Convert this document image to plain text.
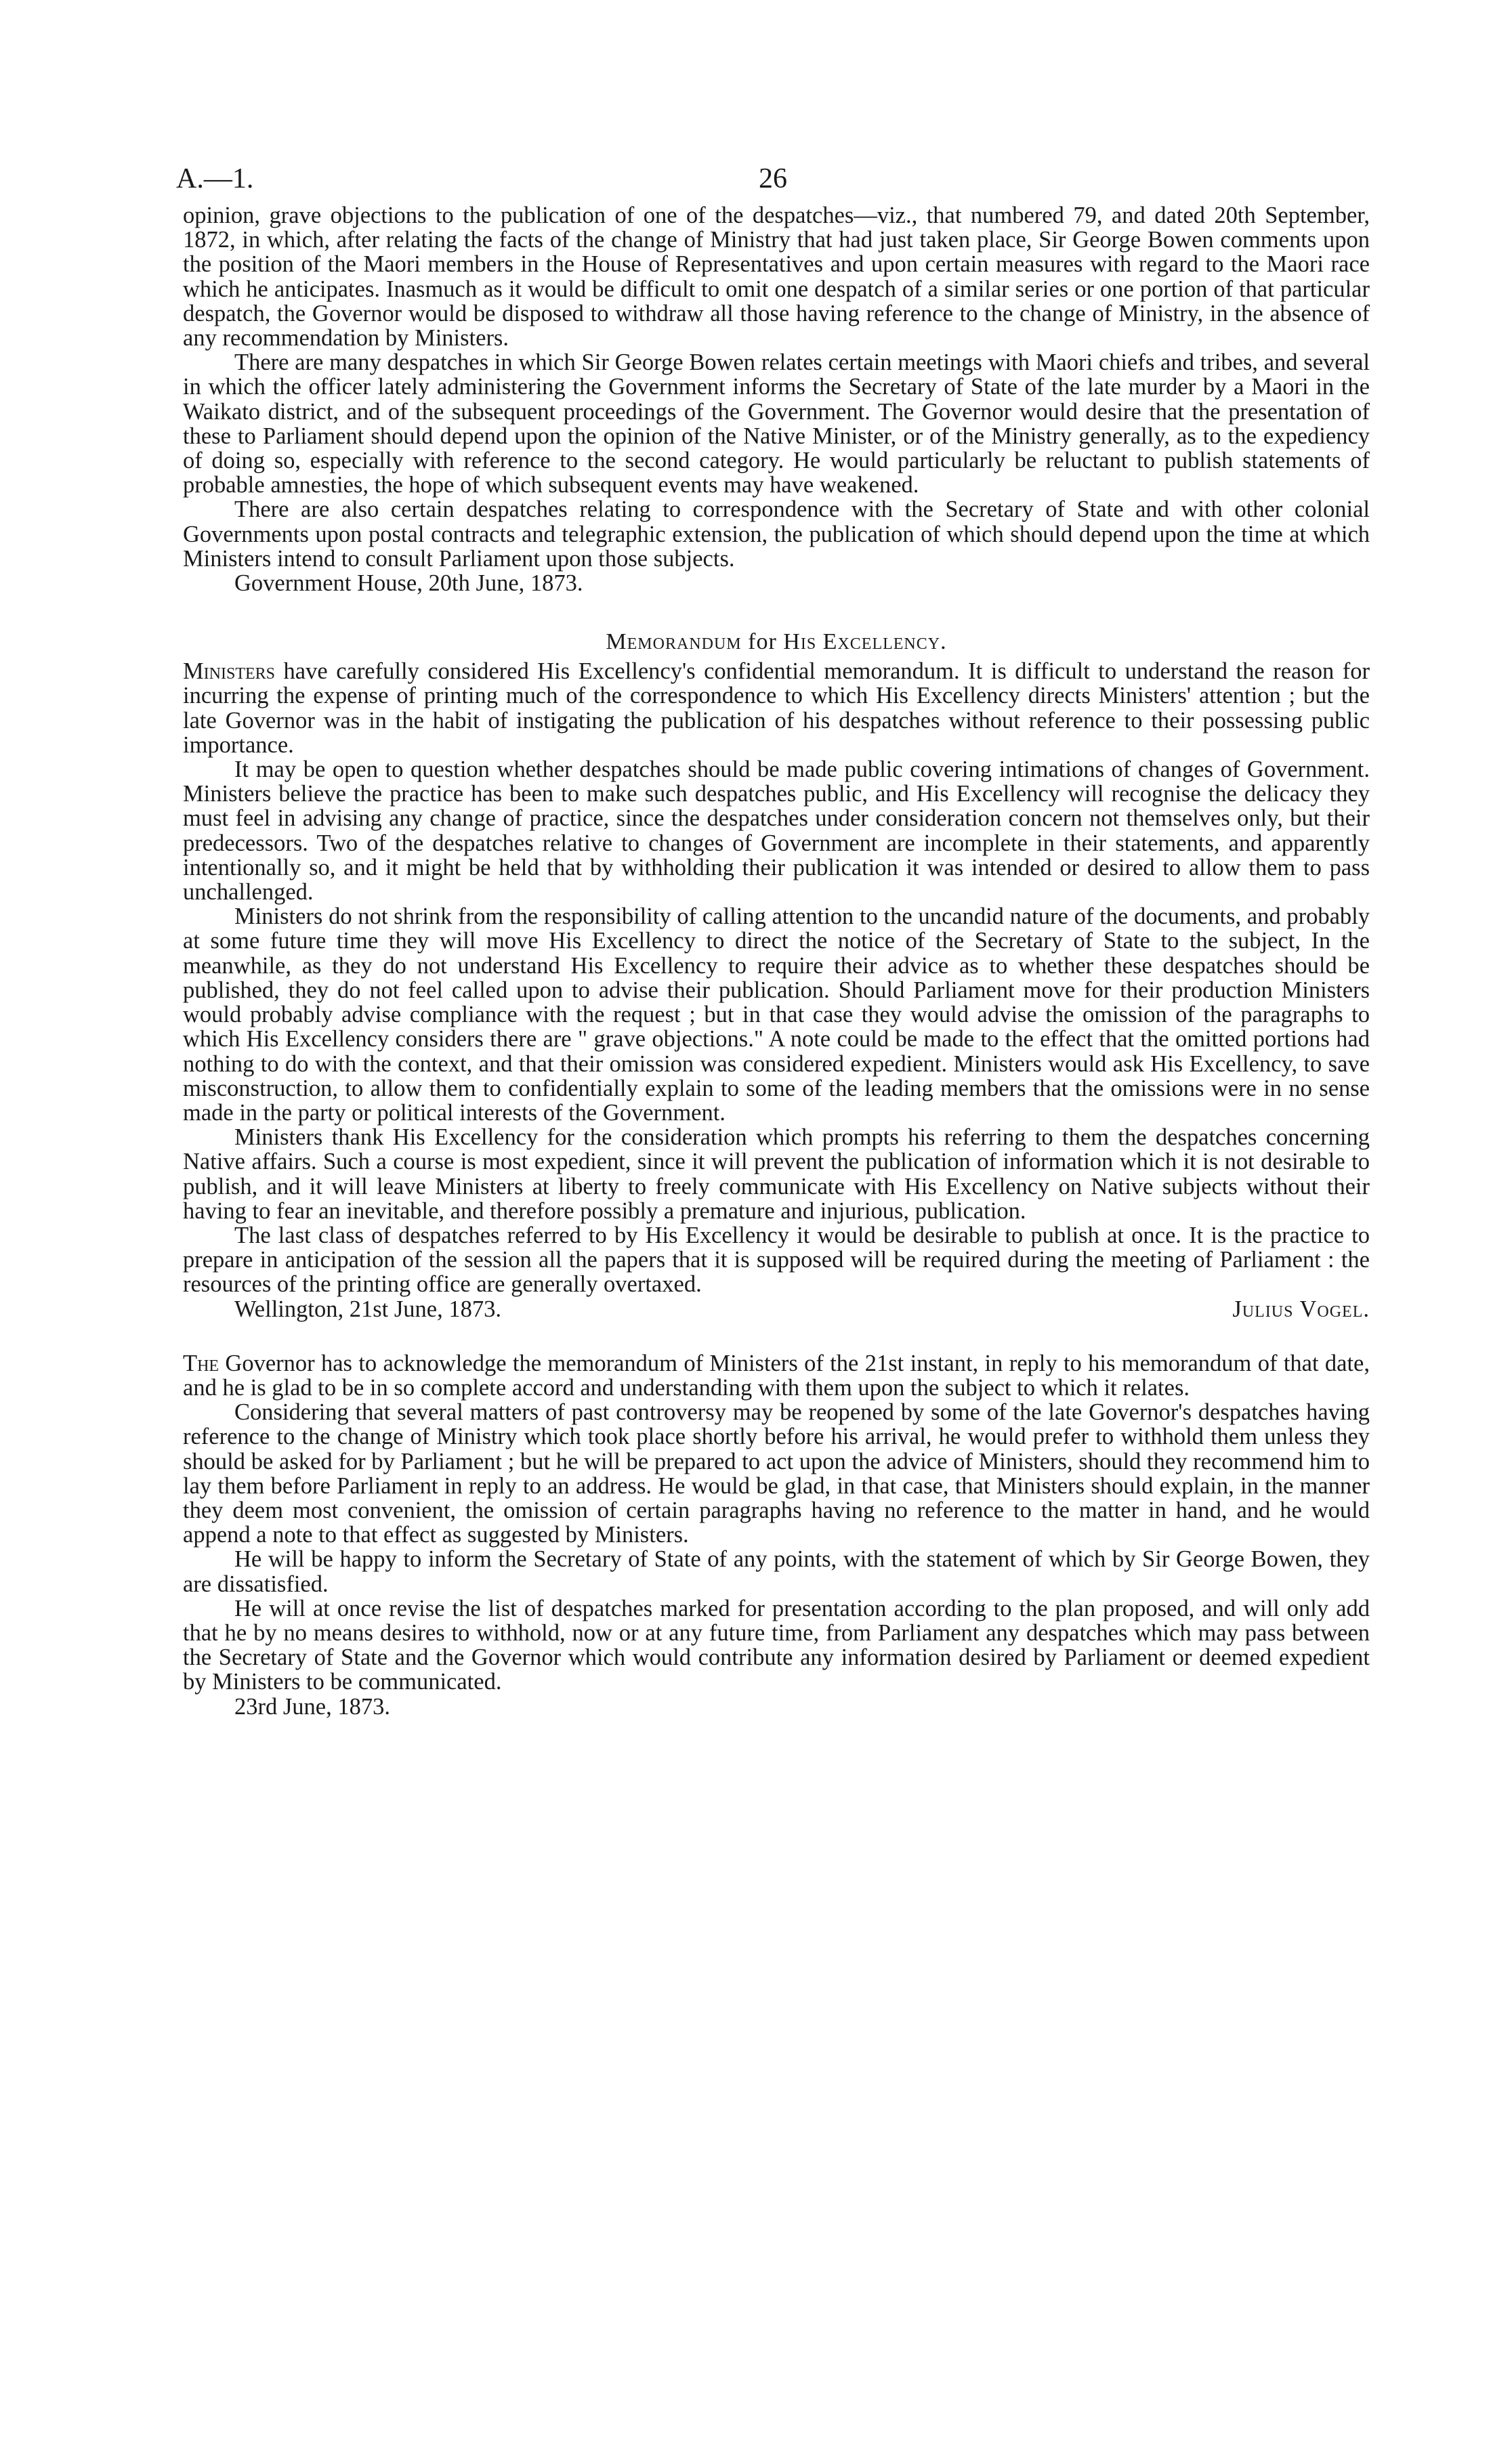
A.—1.	26

opinion, grave objections to the publication of one of the despatches—viz., that numbered 79, and dated 20th September, 1872, in which, after relating the facts of the change of Ministry that had just taken place, Sir George Bowen comments upon the position of the Maori members in the House of Representatives and upon certain measures with regard to the Maori race which he anticipates. Inasmuch as it would be difficult to omit one despatch of a similar series or one portion of that particular despatch, the Governor would be disposed to withdraw all those having reference to the change of Ministry, in the absence of any recommendation by Ministers.

There are many despatches in which Sir George Bowen relates certain meetings with Maori chiefs and tribes, and several in which the officer lately administering the Government informs the Secretary of State of the late murder by a Maori in the Waikato district, and of the subsequent proceedings of the Government. The Governor would desire that the presentation of these to Parliament should depend upon the opinion of the Native Minister, or of the Ministry generally, as to the expediency of doing so, especially with reference to the second category. He would particularly be reluctant to publish statements of probable amnesties, the hope of which subsequent events may have weakened.

There are also certain despatches relating to correspondence with the Secretary of State and with other colonial Governments upon postal contracts and telegraphic extension, the publication of which should depend upon the time at which Ministers intend to consult Parliament upon those subjects.

Government House, 20th June, 1873.
Memorandum for His Excellency.

Ministers have carefully considered His Excellency's confidential memorandum. It is difficult to understand the reason for incurring the expense of printing much of the correspondence to which His Excellency directs Ministers' attention ; but the late Governor was in the habit of instigating the publication of his despatches without reference to their possessing public importance.

It may be open to question whether despatches should be made public covering intimations of changes of Government. Ministers believe the practice has been to make such despatches public, and His Excellency will recognise the delicacy they must feel in advising any change of practice, since the despatches under consideration concern not themselves only, but their predecessors. Two of the despatches relative to changes of Government are incomplete in their statements, and apparently intentionally so, and it might be held that by withholding their publication it was intended or desired to allow them to pass unchallenged.

Ministers do not shrink from the responsibility of calling attention to the uncandid nature of the documents, and probably at some future time they will move His Excellency to direct the notice of the Secretary of State to the subject, In the meanwhile, as they do not understand His Excellency to require their advice as to whether these despatches should be published, they do not feel called upon to advise their publication. Should Parliament move for their production Ministers would probably advise compliance with the request ; but in that case they would advise the omission of the paragraphs to which His Excellency considers there are " grave objections." A note could be made to the effect that the omitted portions had nothing to do with the context, and that their omission was considered expedient. Ministers would ask His Excellency, to save misconstruction, to allow them to confidentially explain to some of the leading members that the omissions were in no sense made in the party or political interests of the Government.

Ministers thank His Excellency for the consideration which prompts his referring to them the despatches concerning Native affairs. Such a course is most expedient, since it will prevent the publication of information which it is not desirable to publish, and it will leave Ministers at liberty to freely communicate with His Excellency on Native subjects without their having to fear an inevitable, and therefore possibly a premature and injurious, publication.

The last class of despatches referred to by His Excellency it would be desirable to publish at once. It is the practice to prepare in anticipation of the session all the papers that it is supposed will be required during the meeting of Parliament : the resources of the printing office are generally overtaxed.

Wellington, 21st June, 1873.	Julius Vogel.

The Governor has to acknowledge the memorandum of Ministers of the 21st instant, in reply to his memorandum of that date, and he is glad to be in so complete accord and understanding with them upon the subject to which it relates.

Considering that several matters of past controversy may be reopened by some of the late Governor's despatches having reference to the change of Ministry which took place shortly before his arrival, he would prefer to withhold them unless they should be asked for by Parliament ; but he will be prepared to act upon the advice of Ministers, should they recommend him to lay them before Parliament in reply to an address. He would be glad, in that case, that Ministers should explain, in the manner they deem most convenient, the omission of certain paragraphs having no reference to the matter in hand, and he would append a note to that effect as suggested by Ministers.

He will be happy to inform the Secretary of State of any points, with the statement of which by Sir George Bowen, they are dissatisfied.

He will at once revise the list of despatches marked for presentation according to the plan proposed, and will only add that he by no means desires to withhold, now or at any future time, from Parliament any despatches which may pass between the Secretary of State and the Governor which would contribute any information desired by Parliament or deemed expedient by Ministers to be communicated.

23rd June, 1873.
